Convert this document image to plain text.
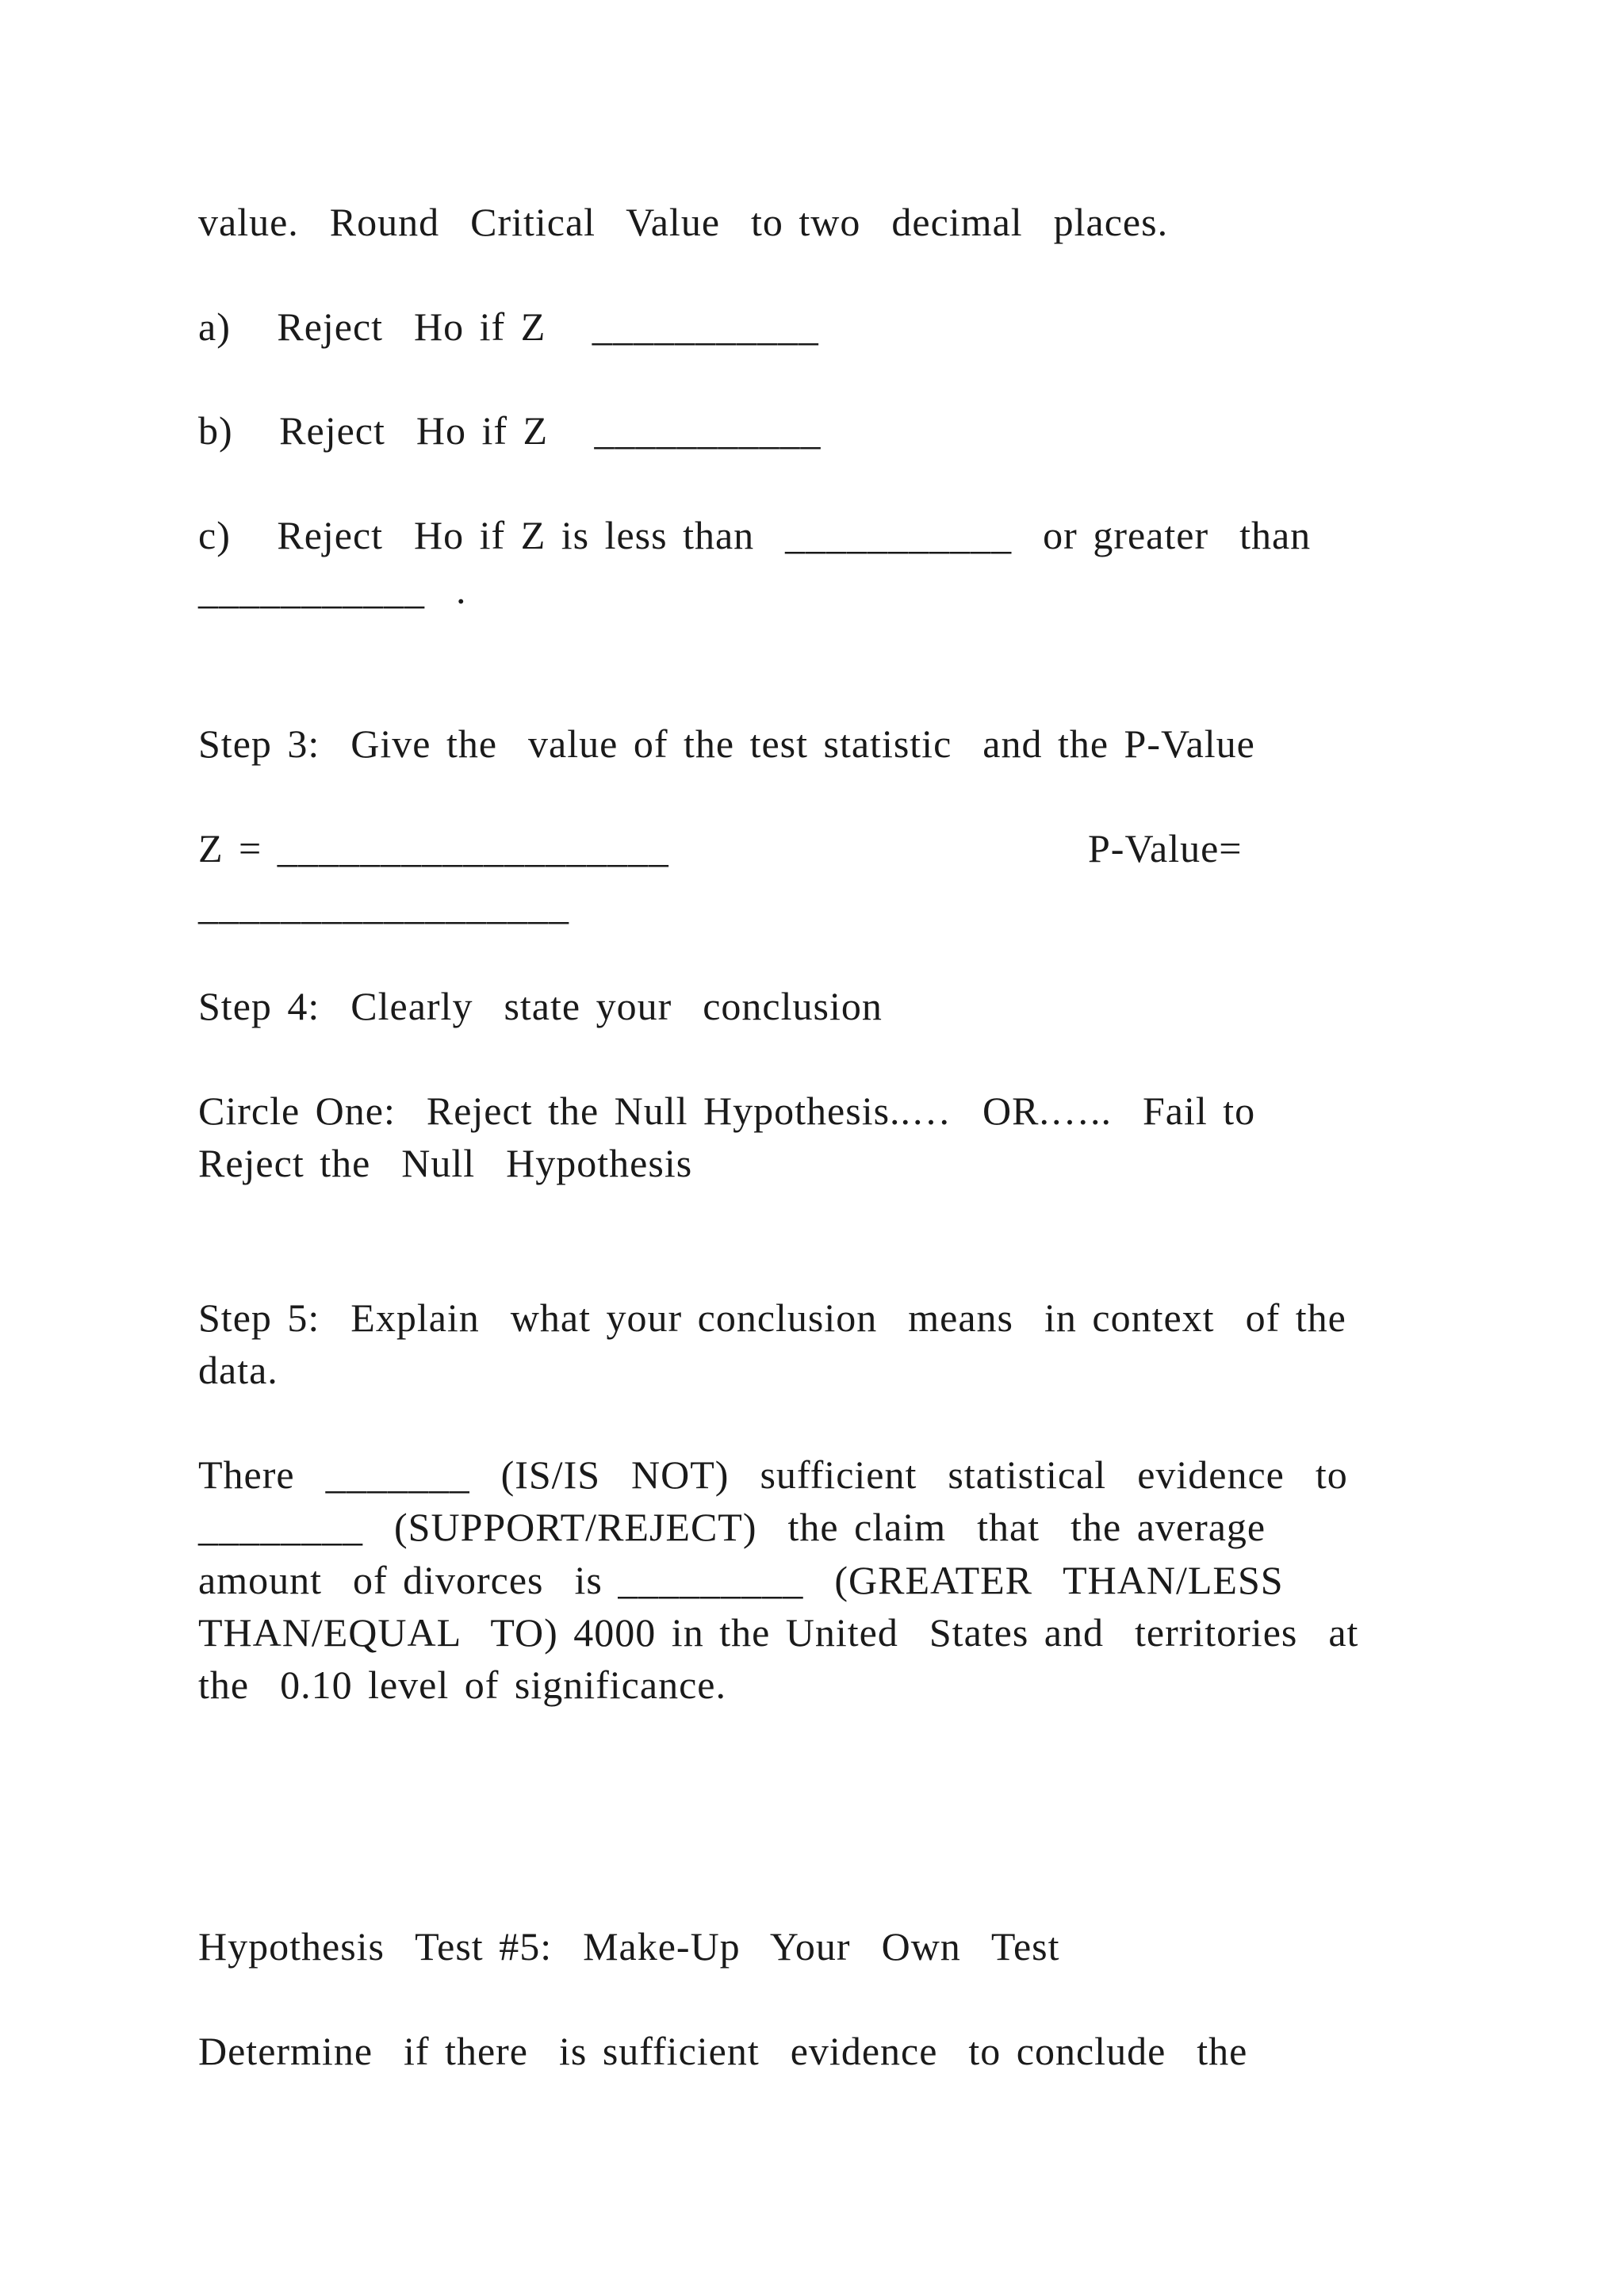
value.  Round  Critical  Value  to two  decimal  places.
a)   Reject  Ho if Z   ___________
b)   Reject  Ho if Z   ___________
c)   Reject  Ho if Z is less than  ___________  or greater  than
___________  .
Step 3:  Give the  value of the test statistic  and the P-Value
Z = ___________________	P-Value=
__________________
Step 4:  Clearly  state your  conclusion
Circle One:  Reject the Null Hypothesis..…  OR.…..  Fail to
Reject the  Null  Hypothesis
Step 5:  Explain  what your conclusion  means  in context  of the
data.
There  _______  (IS/IS  NOT)  sufficient  statistical  evidence  to
________  (SUPPORT/REJECT)  the claim  that  the average
amount  of divorces  is _________  (GREATER  THAN/LESS
THAN/EQUAL  TO) 4000 in the United  States and  territories  at
the  0.10 level of significance.
Hypothesis  Test #5:  Make-Up  Your  Own  Test
Determine  if there  is sufficient  evidence  to conclude  the
